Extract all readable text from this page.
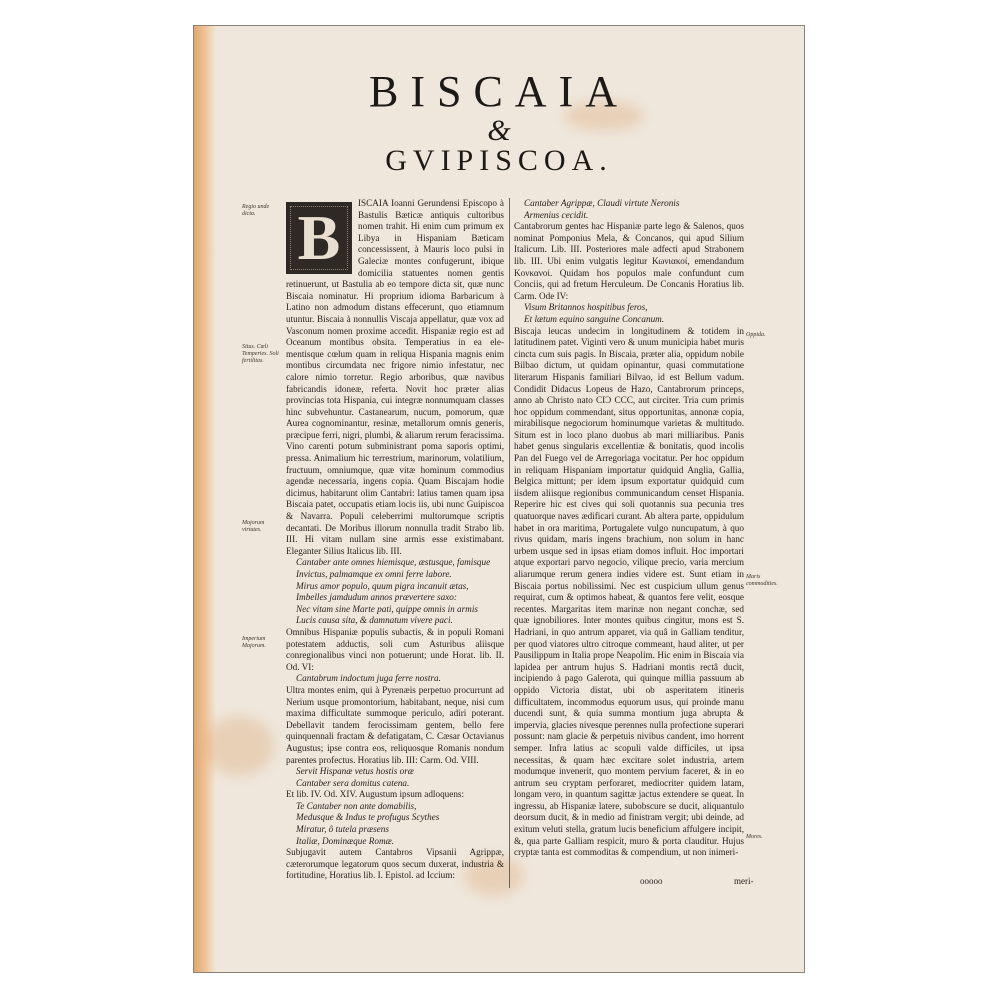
BISCAIA
&
GVIPISCOA.
Regio unde dicta.
Situs. Cœli Temperies. Soli fertilitas.
Majorum virtutes.
Imperium Majorum.
Oppida.
Maris commodities.
Mores.
B	ISCAIA Ioanni Gerundensi Episcopo à Bastulis Bæticæ antiquis cultoribus nomen trahit. Hi enim cum primum ex Libya in Hispaniam Bæticam concessissent, à Mauris loco pulsi in Galeciæ montes confugerunt, ibique domicilia statuentes nomen gentis retinuerunt, ut Bastulia ab eo tempore dicta sit, quæ nunc Biscaia nominatur. Hi proprium idioma Barbaricum à Latino non admodum distans effecerunt, quo etiamnum utuntur. Biscaia à nonnullis Viscaja appellatur, quæ vox ad Vasconum nomen proxime accedit. Hispaniæ regio est ad Oceanum montibus obsita. Temperatius in ea ele- mentisque cœlum quam in reliqua Hispania magnis enim montibus circumdata nec frigore nimio infestatur, nec calore nimio torretur. Regio arboribus, quæ navibus fabricandis idoneæ, referta. Novit hoc præter alias provincias tota Hispania, cui integræ nonnumquam classes hinc subvehuntur. Castanearum, nucum, pomorum, quæ Aurea cognominantur, resinæ, metallorum omnis generis, præcipue ferri, nigri, plumbi, & aliarum rerum feracissima. Vino carenti potum subministrant poma saporis optimi, pressa. Animalium hic terrestrium, marinorum, volatilium, fructuum, omniumque, quæ vitæ hominum commodius agendæ necessaria, ingens copia. Quam Biscajam hodie dicimus, habitarunt olim Cantabri: latius tamen quam ipsa Biscaia patet, occupatis etiam locis iis, ubi nunc Guipiscoa & Navarra. Populi celeberrimi multorumque scriptis decantati. De Moribus illorum nonnulla tradit Strabo lib. III. Hi vitam nullam sine armis esse existimabant. Eleganter Silius Italicus lib. III.

Cantaber ante omnes hiemisque, æstusque, famisque
Invictus, palmamque ex omni ferre labore.
Mirus amor populo, quum pigra incanuit ætas,
Imbelles jamdudum annos prævertere saxo:
Nec vitam sine Marte pati, quippe omnis in armis
Lucis causa sita, & damnatum vivere paci.

Omnibus Hispaniæ populis subactis, & in populi Romani potestatem adductis, soli cum Asturibus aliisque conregionalibus vinci non potuerunt; unde Horat. lib. II. Od. VI:

Cantabrum indoctum juga ferre nostra.

Ultra montes enim, qui à Pyrenæis perpetuo procurrunt ad Nerium usque promontorium, habitabant, neque, nisi cum maxima difficultate summoque periculo, adiri poterant. Debellavit tandem ferocissimam gentem, bello fere quinquennali fractam & defatigatam, C. Cæsar Octavianus Augustus; ipse contra eos, reliquosque Romanis nondum parentes profectus. Horatius lib. III: Carm. Od. VIII.

Servit Hispanæ vetus hostis oræ
Cantaber sera domitus catena.

Et lib. IV. Od. XIV. Augustum ipsum adloquens:

Te Cantaber non ante domabilis,
Medusque & Indus te profugus Scythes
Miratur, ô tutela præsens
Italiæ, Dominæque Romæ.

Subjugavit autem Cantabros Vipsanii Agrippæ, cæterorumque legatorum quos secum duxerat, industria & fortitudine, Horatius lib. I. Epistol. ad Iccium:

Cantaber Agrippæ, Claudi virtute Neronis
Armenius cecidit.

Cantabrorum gentes hac Hispaniæ parte lego & Salenos, quos nominat Pomponius Mela, & Concanos, qui apud Silium Italicum. Lib. III. Posteriores male adfecti apud Strabonem lib. III. Ubi enim vulgatis legitur Κωνιακοί, emendandum Κονκανοί. Quidam hos populos male confundunt cum Conciis, qui ad fretum Herculeum. De Concanis Horatius lib. Carm. Ode IV:

Visum Britannos hospitibus feros,
Et lætum equino sanguine Concanum.

Biscaja leucas undecim in longitudinem & totidem in latitudinem patet. Viginti vero & unum municipia habet muris cincta cum suis pagis. In Biscaia, præter alia, oppidum nobile Bilbao dictum, ut quidam opinantur, quasi commutatione literarum Hispanis familiari Bilvao, id est Bellum vadum. Condidit Didacus Lopeus de Hazo, Cantabrorum princeps, anno ab Christo nato CIƆ CCC, aut circiter. Tria cum primis hoc oppidum commendant, situs opportunitas, annonæ copia, mirabilisque negociorum hominumque varietas & multitudo. Situm est in loco plano duobus ab mari milliaribus. Panis habet genus singularis excellentiæ & bonitatis, quod incolis Pan del Fuego vel de Arregoriaga vocitatur. Per hoc oppidum in reliquam Hispaniam importatur quidquid Anglia, Gallia, Belgica mittunt; per idem ipsum exportatur quidquid cum iisdem aliisque regionibus communicandum censet Hispania. Reperire hic est cives qui soli quotannis sua pecunia tres quatuorque naves ædificari curant. Ab altera parte, oppidulum habet in ora maritima, Portugalete vulgo nuncupatum, à quo rivus quidam, maris ingens brachium, non solum in hanc urbem usque sed in ipsas etiam domos influit. Hoc importari atque exportari parvo negocio, vilique precio, varia mercium aliarumque rerum genera indies videre est. Sunt etiam in Biscaia portus nobilissimi. Nec est cuspicium ullum genus requirat, cum & optimos habeat, & quantos fere velit, eosque recentes. Margaritas item marinæ non negant conchæ, sed quæ ignobiliores. Inter montes quibus cingitur, mons est S. Hadriani, in quo antrum apparet, via quâ in Galliam tenditur, per quod viatores ultro citroque commeant, haud aliter, ut per Pausilippum in Italia prope Neapolim. Hic enim in Biscaia via lapidea per antrum hujus S. Hadriani montis rectâ ducit, incipiendo à pago Galerota, qui quinque millia passuum ab oppido Victoria distat, ubi ob asperitatem itineris difficultatem, incommodus equorum usus, qui proinde manu ducendi sunt, & quia summa montium juga abrupta & impervia, glacies nivesque perennes nulla profectione superari possunt: nam glacie & perpetuis nivibus candent, imo horrent semper. Infra latius ac scopuli valde difficiles, ut ipsa necessitas, & quam hæc excitare solet industria, artem modumque invenerit, quo montem pervium faceret, & in eo antrum seu cryptam perforaret, mediocriter quidem latam, longam vero, in quantum sagittæ jactus extendere se queat. In ingressu, ab Hispaniæ latere, subobscure se ducit, aliquantulo deorsum ducit, & in medio ad finistram vergit; ubi deinde, ad exitum veluti stella, gratum lucis beneficium affulgere incipit, &, qua parte Galliam respicit, muro & porta clauditur. Hujus cryptæ tanta est commoditas & compendium, ut non inimeri-

ooooo	meri-
